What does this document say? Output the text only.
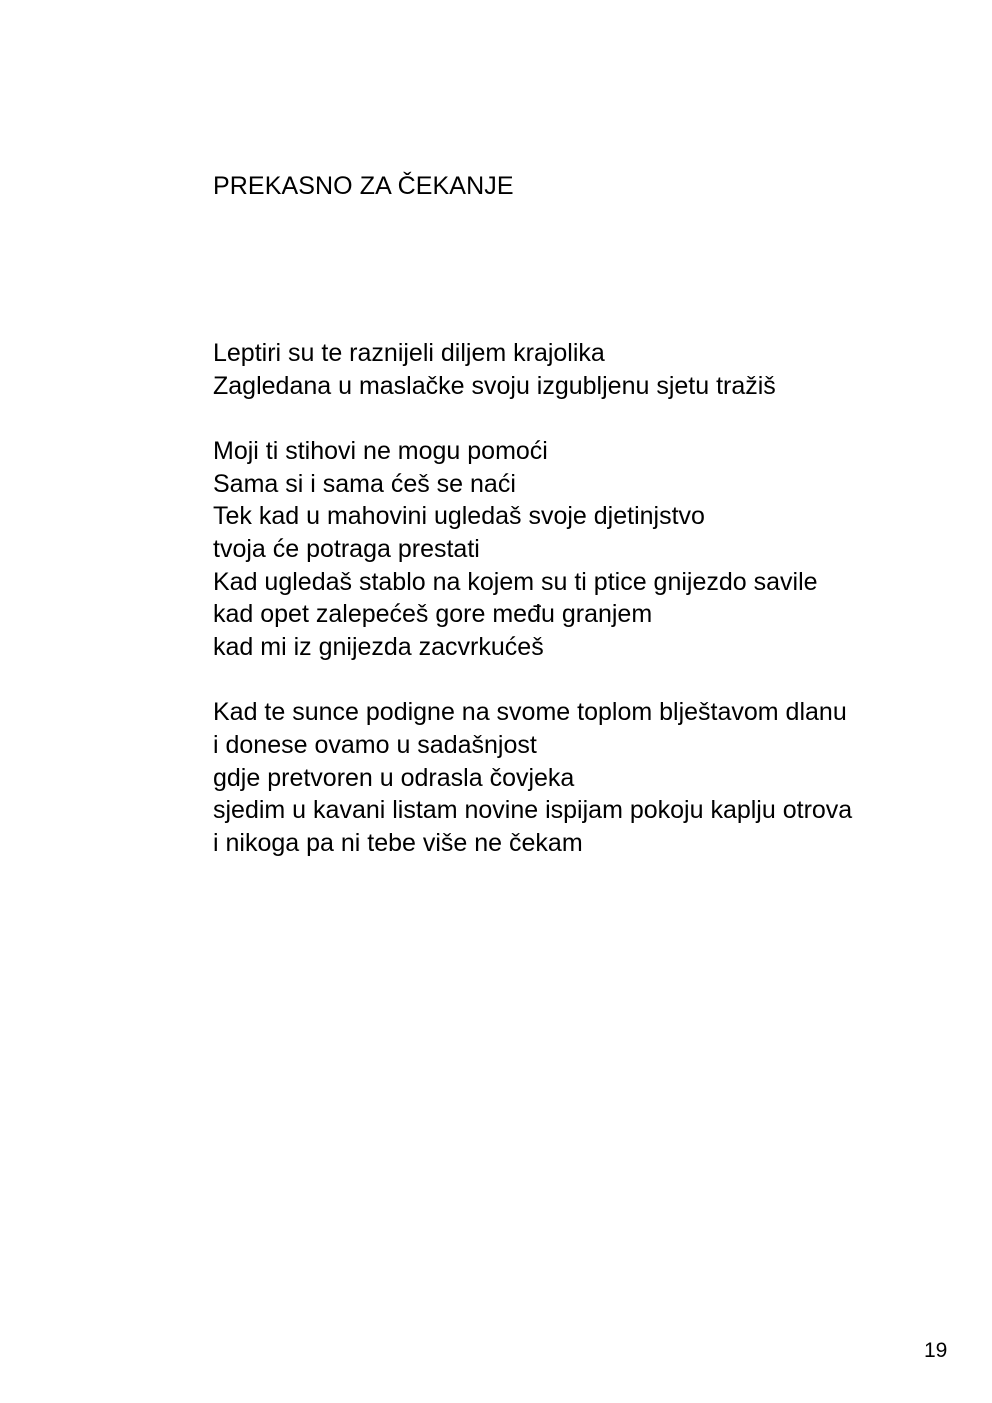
PREKASNO ZA ČEKANJE
Leptiri su te raznijeli diljem krajolika
Zagledana u maslačke svoju izgubljenu sjetu tražiš
Moji ti stihovi ne mogu pomoći
Sama si i sama ćeš se naći
Tek kad u mahovini ugledaš svoje djetinjstvo
tvoja će potraga prestati
Kad ugledaš stablo na kojem su ti ptice gnijezdo savile
kad opet zalepećeš gore među granjem
kad mi iz gnijezda zacvrkućeš
Kad te sunce podigne na svome toplom blještavom dlanu
i donese ovamo u sadašnjost
gdje pretvoren u odrasla čovjeka
sjedim u kavani listam novine ispijam pokoju kaplju otrova
i nikoga pa ni tebe više ne čekam
19
